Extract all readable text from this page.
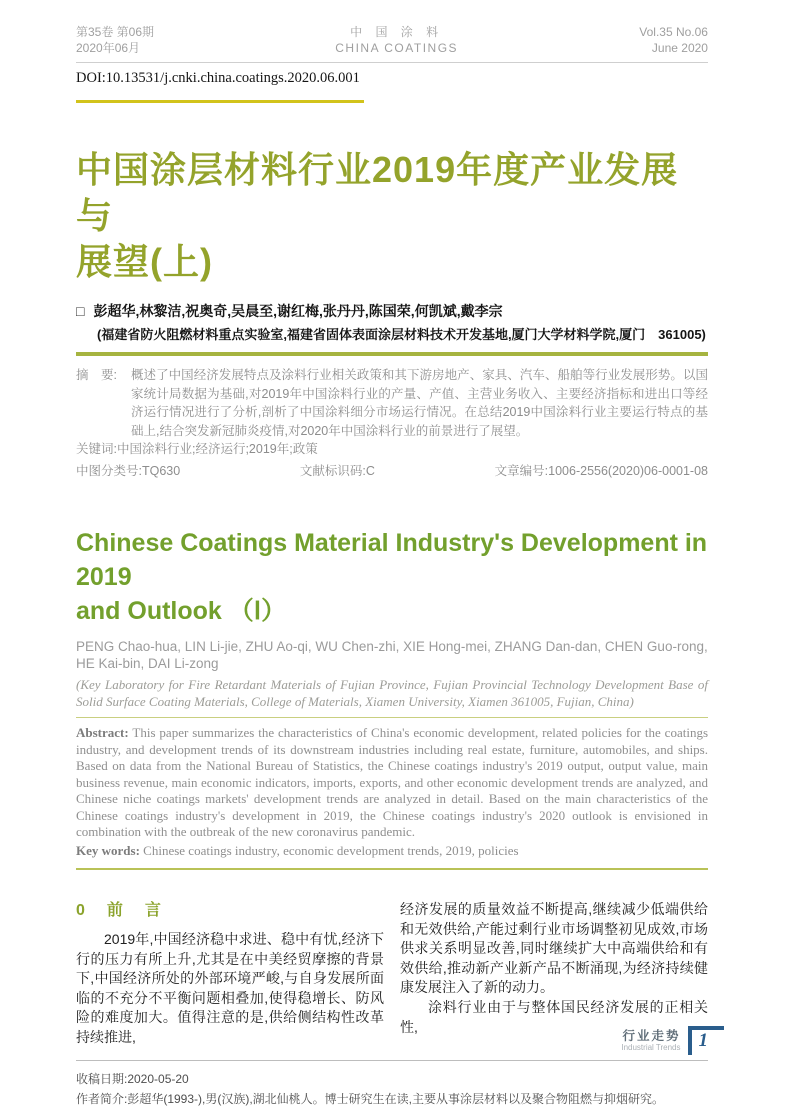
第35卷 第06期
2020年06月
中 国 涂 料
CHINA COATINGS
Vol.35 No.06
June 2020
DOI:10.13531/j.cnki.china.coatings.2020.06.001
中国涂层材料行业2019年度产业发展与
展望(上)
□ 彭超华,林黎洁,祝奥奇,吴晨至,谢红梅,张丹丹,陈国荣,何凯斌,戴李宗
(福建省防火阻燃材料重点实验室,福建省固体表面涂层材料技术开发基地,厦门大学材料学院,厦门　361005)
摘　要:	概述了中国经济发展特点及涂料行业相关政策和其下游房地产、家具、汽车、船舶等行业发展形势。以国家统计局数据为基础,对2019年中国涂料行业的产量、产值、主营业务收入、主要经济指标和进出口等经济运行情况进行了分析,剖析了中国涂料细分市场运行情况。在总结2019中国涂料行业主要运行特点的基础上,结合突发新冠肺炎疫情,对2020年中国涂料行业的前景进行了展望。
关键词:中国涂料行业;经济运行;2019年;政策
中图分类号:TQ630	文献标识码:C	文章编号:1006-2556(2020)06-0001-08
Chinese Coatings Material Industry's Development in 2019
and Outlook （Ⅰ）
PENG Chao-hua, LIN Li-jie, ZHU Ao-qi, WU Chen-zhi, XIE Hong-mei, ZHANG Dan-dan, CHEN Guo-rong,
HE Kai-bin, DAI Li-zong
(Key Laboratory for Fire Retardant Materials of Fujian Province, Fujian Provincial Technology Development Base of Solid Surface Coating Materials, College of Materials, Xiamen University, Xiamen 361005, Fujian, China)
Abstract: This paper summarizes the characteristics of China's economic development, related policies for the coatings industry, and development trends of its downstream industries including real estate, furniture, automobiles, and ships. Based on data from the National Bureau of Statistics, the Chinese coatings industry's 2019 output, output value, main business revenue, main economic indicators, imports, exports, and other economic development trends are analyzed, and Chinese niche coatings markets' development trends are analyzed in detail. Based on the main characteristics of the Chinese coatings industry's development in 2019, the Chinese coatings industry's 2020 outlook is envisioned in combination with the outbreak of the new coronavirus pandemic.
Key words: Chinese coatings industry, economic development trends, 2019, policies
0　前　言

2019年,中国经济稳中求进、稳中有忧,经济下行的压力有所上升,尤其是在中美经贸摩擦的背景下,中国经济所处的外部环境严峻,与自身发展所面临的不充分不平衡问题相叠加,使得稳增长、防风险的难度加大。值得注意的是,供给侧结构性改革持续推进,

经济发展的质量效益不断提高,继续减少低端供给和无效供给,产能过剩行业市场调整初见成效,市场供求关系明显改善,同时继续扩大中高端供给和有效供给,推动新产业新产品不断涌现,为经济持续健康发展注入了新的动力。

涂料行业由于与整体国民经济发展的正相关性,

收稿日期:2020-05-20
作者简介:彭超华(1993-),男(汉族),湖北仙桃人。博士研究生在读,主要从事涂层材料以及聚合物阻燃与抑烟研究。
行业走势
Industrial Trends 1
